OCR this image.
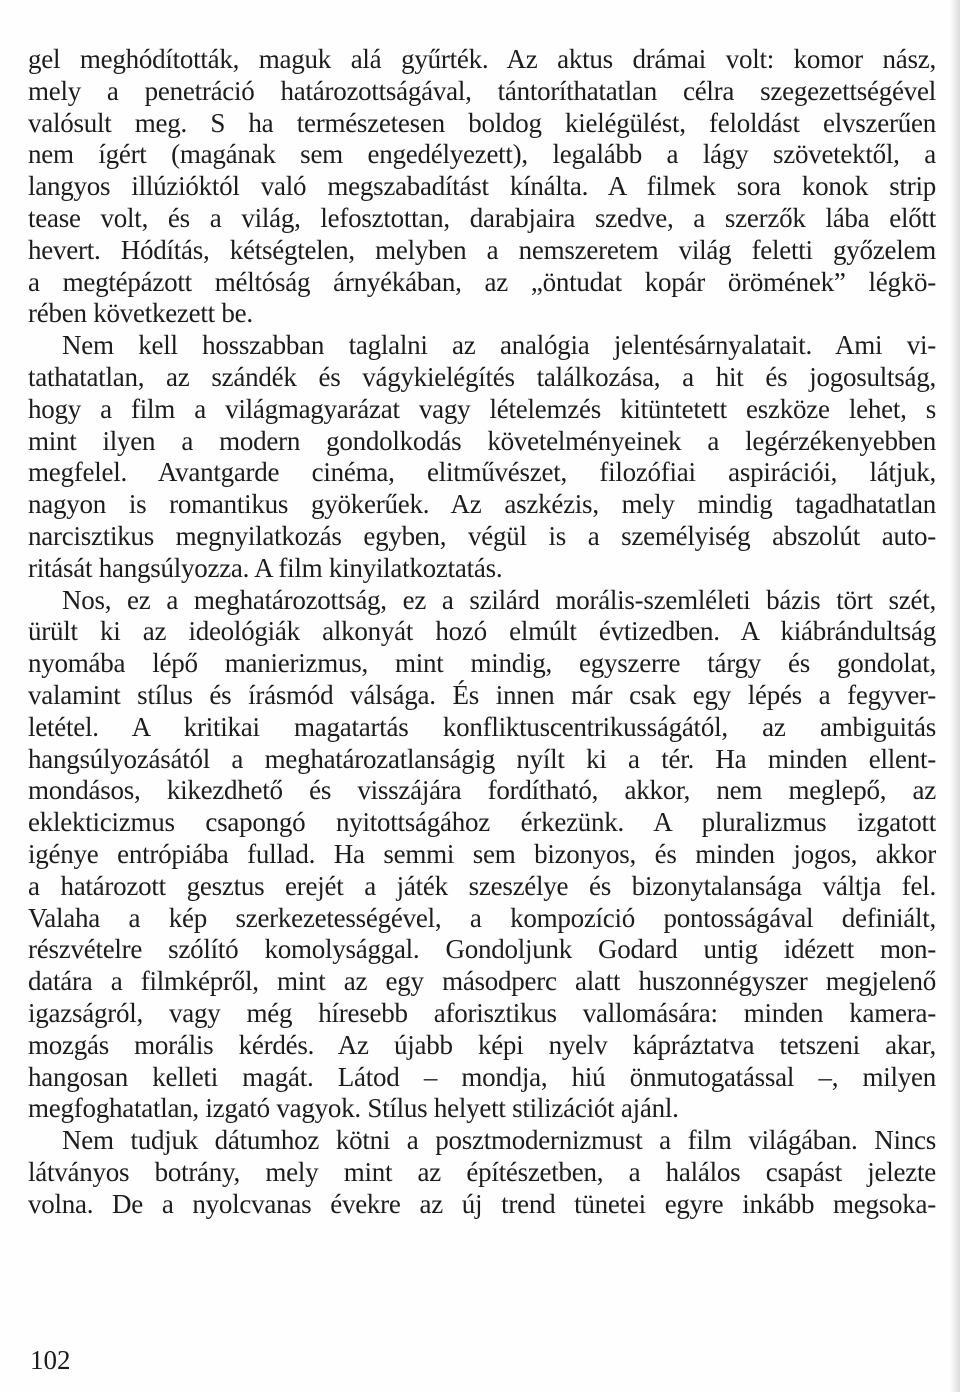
gel meghódították, maguk alá gyűrték. Az aktus drámai volt: komor nász,
mely a penetráció határozottságával, tántoríthatatlan célra szegezettségével
valósult meg. S ha természetesen boldog kielégülést, feloldást elvszerűen
nem ígért (magának sem engedélyezett), legalább a lágy szövetektől, a
langyos illúzióktól való megszabadítást kínálta. A filmek sora konok strip
tease volt, és a világ, lefosztottan, darabjaira szedve, a szerzők lába előtt
hevert. Hódítás, kétségtelen, melyben a nemszeretem világ feletti győzelem
a megtépázott méltóság árnyékában, az „öntudat kopár örömének” légkö-
rében következett be.
Nem kell hosszabban taglalni az analógia jelentésárnyalatait. Ami vi-
tathatatlan, az szándék és vágykielégítés találkozása, a hit és jogosultság,
hogy a film a világmagyarázat vagy lételemzés kitüntetett eszköze lehet, s
mint ilyen a modern gondolkodás követelményeinek a legérzékenyebben
megfelel. Avantgarde cinéma, elitművészet, filozófiai aspirációi, látjuk,
nagyon is romantikus gyökerűek. Az aszkézis, mely mindig tagadhatatlan
narcisztikus megnyilatkozás egyben, végül is a személyiség abszolút auto-
ritását hangsúlyozza. A film kinyilatkoztatás.
Nos, ez a meghatározottság, ez a szilárd morális-szemléleti bázis tört szét,
ürült ki az ideológiák alkonyát hozó elmúlt évtizedben. A kiábrándultság
nyomába lépő manierizmus, mint mindig, egyszerre tárgy és gondolat,
valamint stílus és írásmód válsága. És innen már csak egy lépés a fegyver-
letétel. A kritikai magatartás konfliktuscentrikusságától, az ambiguitás
hangsúlyozásától a meghatározatlanságig nyílt ki a tér. Ha minden ellent-
mondásos, kikezdhető és visszájára fordítható, akkor, nem meglepő, az
eklekticizmus csapongó nyitottságához érkezünk. A pluralizmus izgatott
igénye entrópiába fullad. Ha semmi sem bizonyos, és minden jogos, akkor
a határozott gesztus erejét a játék szeszélye és bizonytalansága váltja fel.
Valaha a kép szerkezetességével, a kompozíció pontosságával definiált,
részvételre szólító komolysággal. Gondoljunk Godard untig idézett mon-
datára a filmképről, mint az egy másodperc alatt huszonnégyszer megjelenő
igazságról, vagy még híresebb aforisztikus vallomására: minden kamera-
mozgás morális kérdés. Az újabb képi nyelv kápráztatva tetszeni akar,
hangosan kelleti magát. Látod – mondja, hiú önmutogatással –, milyen
megfoghatatlan, izgató vagyok. Stílus helyett stilizációt ajánl.
Nem tudjuk dátumhoz kötni a posztmodernizmust a film világában. Nincs
látványos botrány, mely mint az építészetben, a halálos csapást jelezte
volna. De a nyolcvanas évekre az új trend tünetei egyre inkább megsoka-
102
